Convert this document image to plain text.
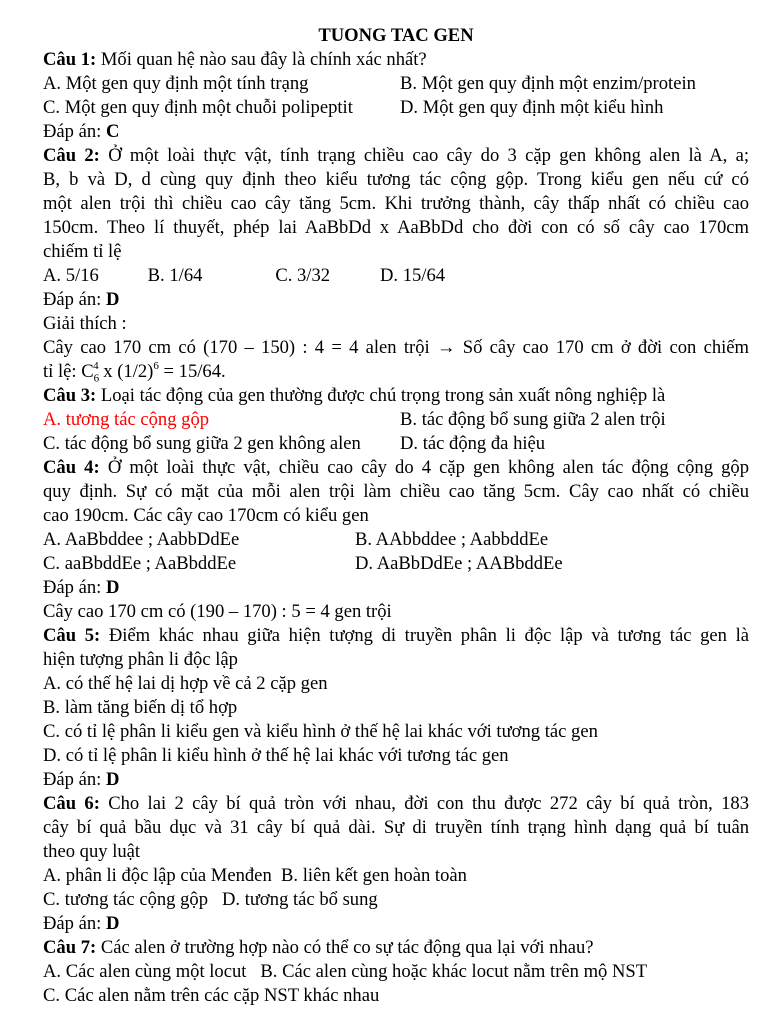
TUONG TAC GEN
Câu 1: Mối quan hệ nào sau đây là chính xác nhất?
A. Một gen quy định một tính trạng	B. Một gen quy định một enzim/protein
C. Một gen quy định một chuỗi polipeptit	D. Một gen quy định một kiểu hình
Đáp án: C
Câu 2: Ở một loài thực vật, tính trạng chiều cao cây do 3 cặp gen không alen là A, a;
B, b và D, d cùng quy định theo kiểu tương tác cộng gộp. Trong kiểu gen nếu cứ có
một alen trội thì chiều cao cây tăng 5cm. Khi trưởng thành, cây thấp nhất có chiều cao
150cm. Theo lí thuyết, phép lai AaBbDd x AaBbDd cho đời con có số cây cao 170cm
chiếm tỉ lệ
A. 5/16	B. 1/64	C. 3/32	D. 15/64
Đáp án: D
Giải thích :
Cây cao 170 cm có (170 – 150) : 4 = 4 alen trội → Số cây cao 170 cm ở đời con chiếm
tỉ lệ: $C_6^4$ x $(1/2)^6 = 15/64$.
Câu 3: Loại tác động của gen thường được chú trọng trong sản xuất nông nghiệp là
A. tương tác cộng gộp	B. tác động bổ sung giữa 2 alen trội
C. tác động bổ sung giữa 2 gen không alen	D. tác động đa hiệu
Câu 4: Ở một loài thực vật, chiều cao cây do 4 cặp gen không alen tác động cộng gộp
quy định. Sự có mặt của mỗi alen trội làm chiều cao tăng 5cm. Cây cao nhất có chiều
cao 190cm. Các cây cao 170cm có kiểu gen
A. AaBbddee ; AabbDdEe	B. AAbbddee ; AabbddEe
C. aaBbddEe ; AaBbddEe	D. AaBbDdEe ; AABbddEe
Đáp án: D
Cây cao 170 cm có (190 – 170) : 5 = 4 gen trội
Câu 5: Điểm khác nhau giữa hiện tượng di truyền phân li độc lập và tương tác gen là
hiện tượng phân li độc lập
A. có thế hệ lai dị hợp về cả 2 cặp gen
B. làm tăng biến dị tổ hợp
C. có tỉ lệ phân li kiểu gen và kiểu hình ở thế hệ lai khác với tương tác gen
D. có tỉ lệ phân li kiểu hình ở thế hệ lai khác với tương tác gen
Đáp án: D
Câu 6: Cho lai 2 cây bí quả tròn với nhau, đời con thu được 272 cây bí quả tròn, 183
cây bí quả bầu dục và 31 cây bí quả dài. Sự di truyền tính trạng hình dạng quả bí tuân
theo quy luật
A. phân li độc lập của Menđen  B. liên kết gen hoàn toàn
C. tương tác cộng gộp   D. tương tác bổ sung
Đáp án: D
Câu 7: Các alen ở trường hợp nào có thể co sự tác động qua lại với nhau?
A. Các alen cùng một locut   B. Các alen cùng hoặc khác locut nằm trên mộ NST
C. Các alen nằm trên các cặp NST khác nhau
